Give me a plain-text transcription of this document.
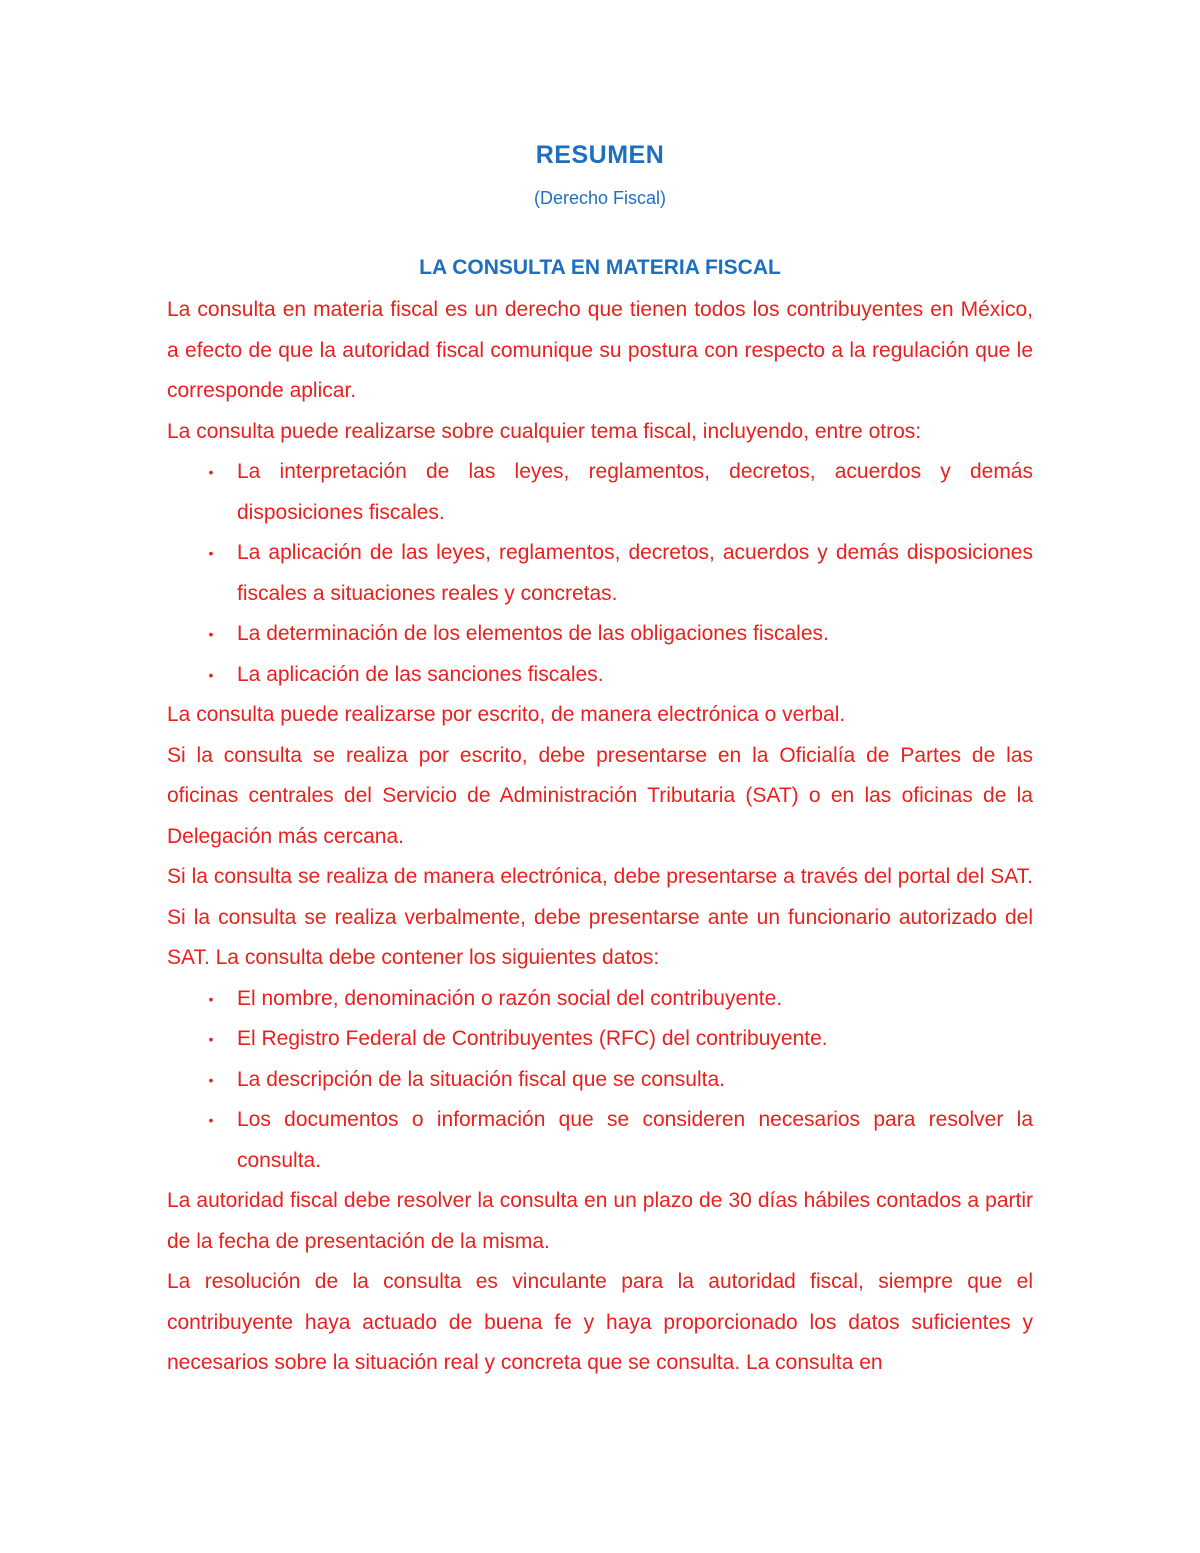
RESUMEN
(Derecho Fiscal)
LA CONSULTA EN MATERIA FISCAL

La consulta en materia fiscal es un derecho que tienen todos los contribuyentes en México, a efecto de que la autoridad fiscal comunique su postura con respecto a la regulación que le corresponde aplicar.

La consulta puede realizarse sobre cualquier tema fiscal, incluyendo, entre otros:

•	La interpretación de las leyes, reglamentos, decretos, acuerdos y demás disposiciones fiscales.
•	La aplicación de las leyes, reglamentos, decretos, acuerdos y demás disposiciones fiscales a situaciones reales y concretas.
•	La determinación de los elementos de las obligaciones fiscales.
•	La aplicación de las sanciones fiscales.

La consulta puede realizarse por escrito, de manera electrónica o verbal.

Si la consulta se realiza por escrito, debe presentarse en la Oficialía de Partes de las oficinas centrales del Servicio de Administración Tributaria (SAT) o en las oficinas de la Delegación más cercana.

Si la consulta se realiza de manera electrónica, debe presentarse a través del portal del SAT. Si la consulta se realiza verbalmente, debe presentarse ante un funcionario autorizado del SAT. La consulta debe contener los siguientes datos:

•	El nombre, denominación o razón social del contribuyente.
•	El Registro Federal de Contribuyentes (RFC) del contribuyente.
•	La descripción de la situación fiscal que se consulta.
•	Los documentos o información que se consideren necesarios para resolver la consulta.

La autoridad fiscal debe resolver la consulta en un plazo de 30 días hábiles contados a partir de la fecha de presentación de la misma.

La resolución de la consulta es vinculante para la autoridad fiscal, siempre que el contribuyente haya actuado de buena fe y haya proporcionado los datos suficientes y necesarios sobre la situación real y concreta que se consulta. La consulta en
